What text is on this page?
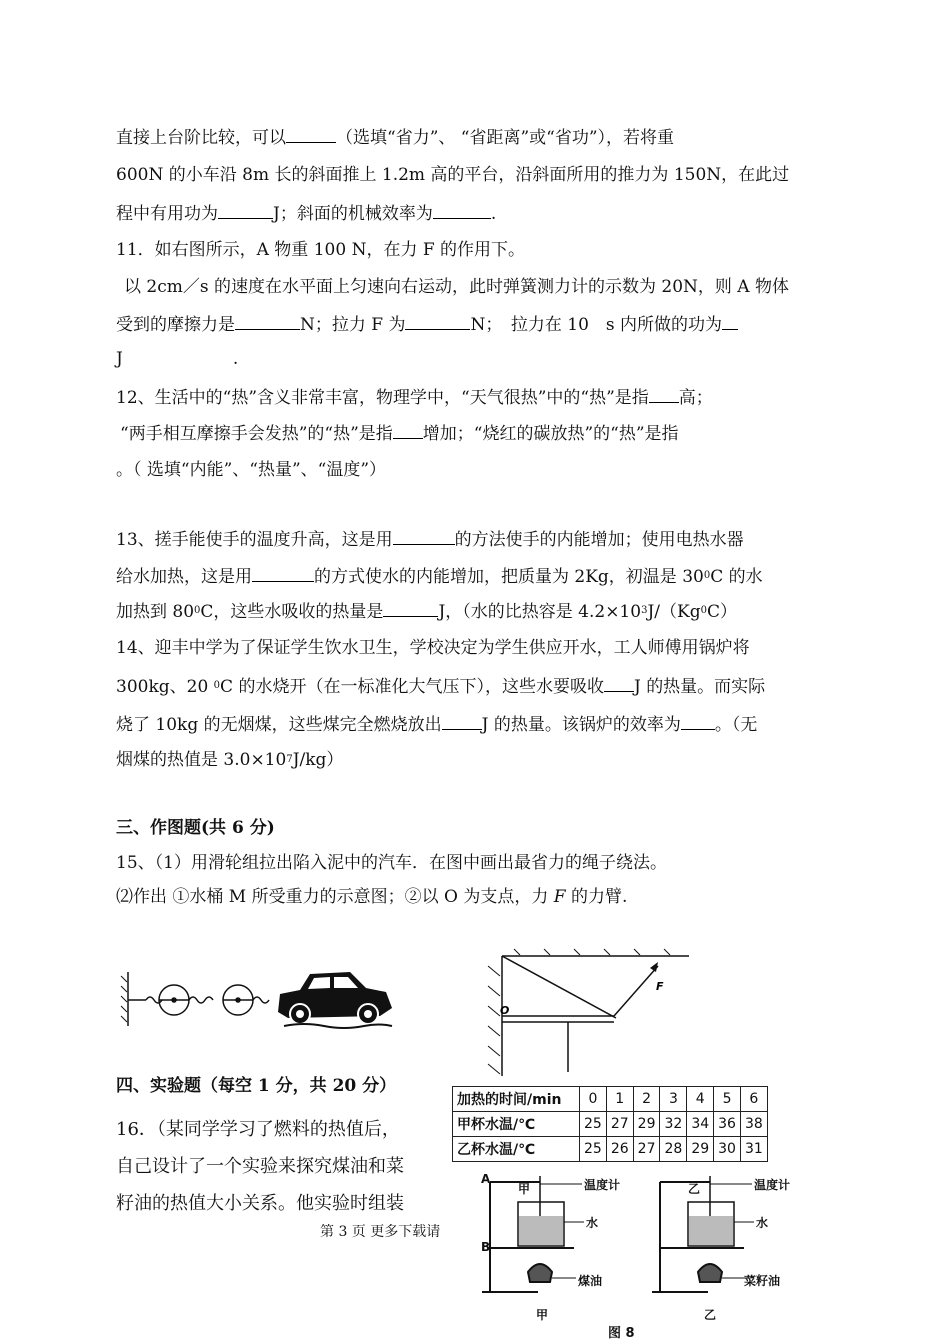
直接上台阶比较，可以	（选填“省力”、 “省距离”或“省功”），若将重
600N 的小车沿 8m 长的斜面推上 1.2m 高的平台，沿斜面所用的推力为 150N，在此过
程中有用功为	J；斜面的机械效率为	.
11．如右图所示，A 物重 100 N，在力 F 的作用下。
以 2cm／s 的速度在水平面上匀速向右运动，此时弹簧测力计的示数为 20N，则 A 物体
受到的摩擦力是	N；拉力 F 为	N；　拉力在 10　s 内所做的功为
J	.
12、生活中的“热”含义非常丰富，物理学中，“天气很热”中的“热”是指 高；
“两手相互摩擦手会发热”的“热”是指 增加；“烧红的碳放热”的“热”是指
。（ 选填“内能”、“热量”、“温度”）
13、搓手能使手的温度升高，这是用	的方法使手的内能增加；使用电热水器
给水加热，这是用	的方式使水的内能增加，把质量为 2Kg，初温是 $30^0C$ 的水
加热到 $80^0C$，这些水吸收的热量是	J，（水的比热容是 $4.2\times 10^3J/(Kg^0C)$
14、迎丰中学为了保证学生饮水卫生，学校决定为学生供应开水，工人师傅用锅炉将
300kg、20 $^0$C 的水烧开（在一标准化大气压下），这些水要吸收 J 的热量。而实际
烧了 10kg 的无烟煤，这些煤完全燃烧放出 J 的热量。该锅炉的效率为 。（无
烟煤的热值是 $3.0\times 10^7J/kg$）
三、作图题(共 6 分)
15、（1）用滑轮组拉出陷入泥中的汽车．在图中画出最省力的绳子绕法。
⑵作出 ①水桶 M 所受重力的示意图；②以 O 为支点，力 F 的力臂.
O
F
四、实验题（每空 1 分，共 20 分）
16．（某同学学习了燃料的热值后，
自己设计了一个实验来探究煤油和菜
籽油的热值大小关系。他实验时组装
第 3 页 更多下载请
加热的时间/min	0	1	2	3	4	5	6
甲杯水温/℃	25	27	29	32	34	36	38
乙杯水温/℃	25	26	27	28	29	30	31
A
B
甲	温度计
水
煤油
甲
乙	温度计
水
菜籽油
乙
图 8
